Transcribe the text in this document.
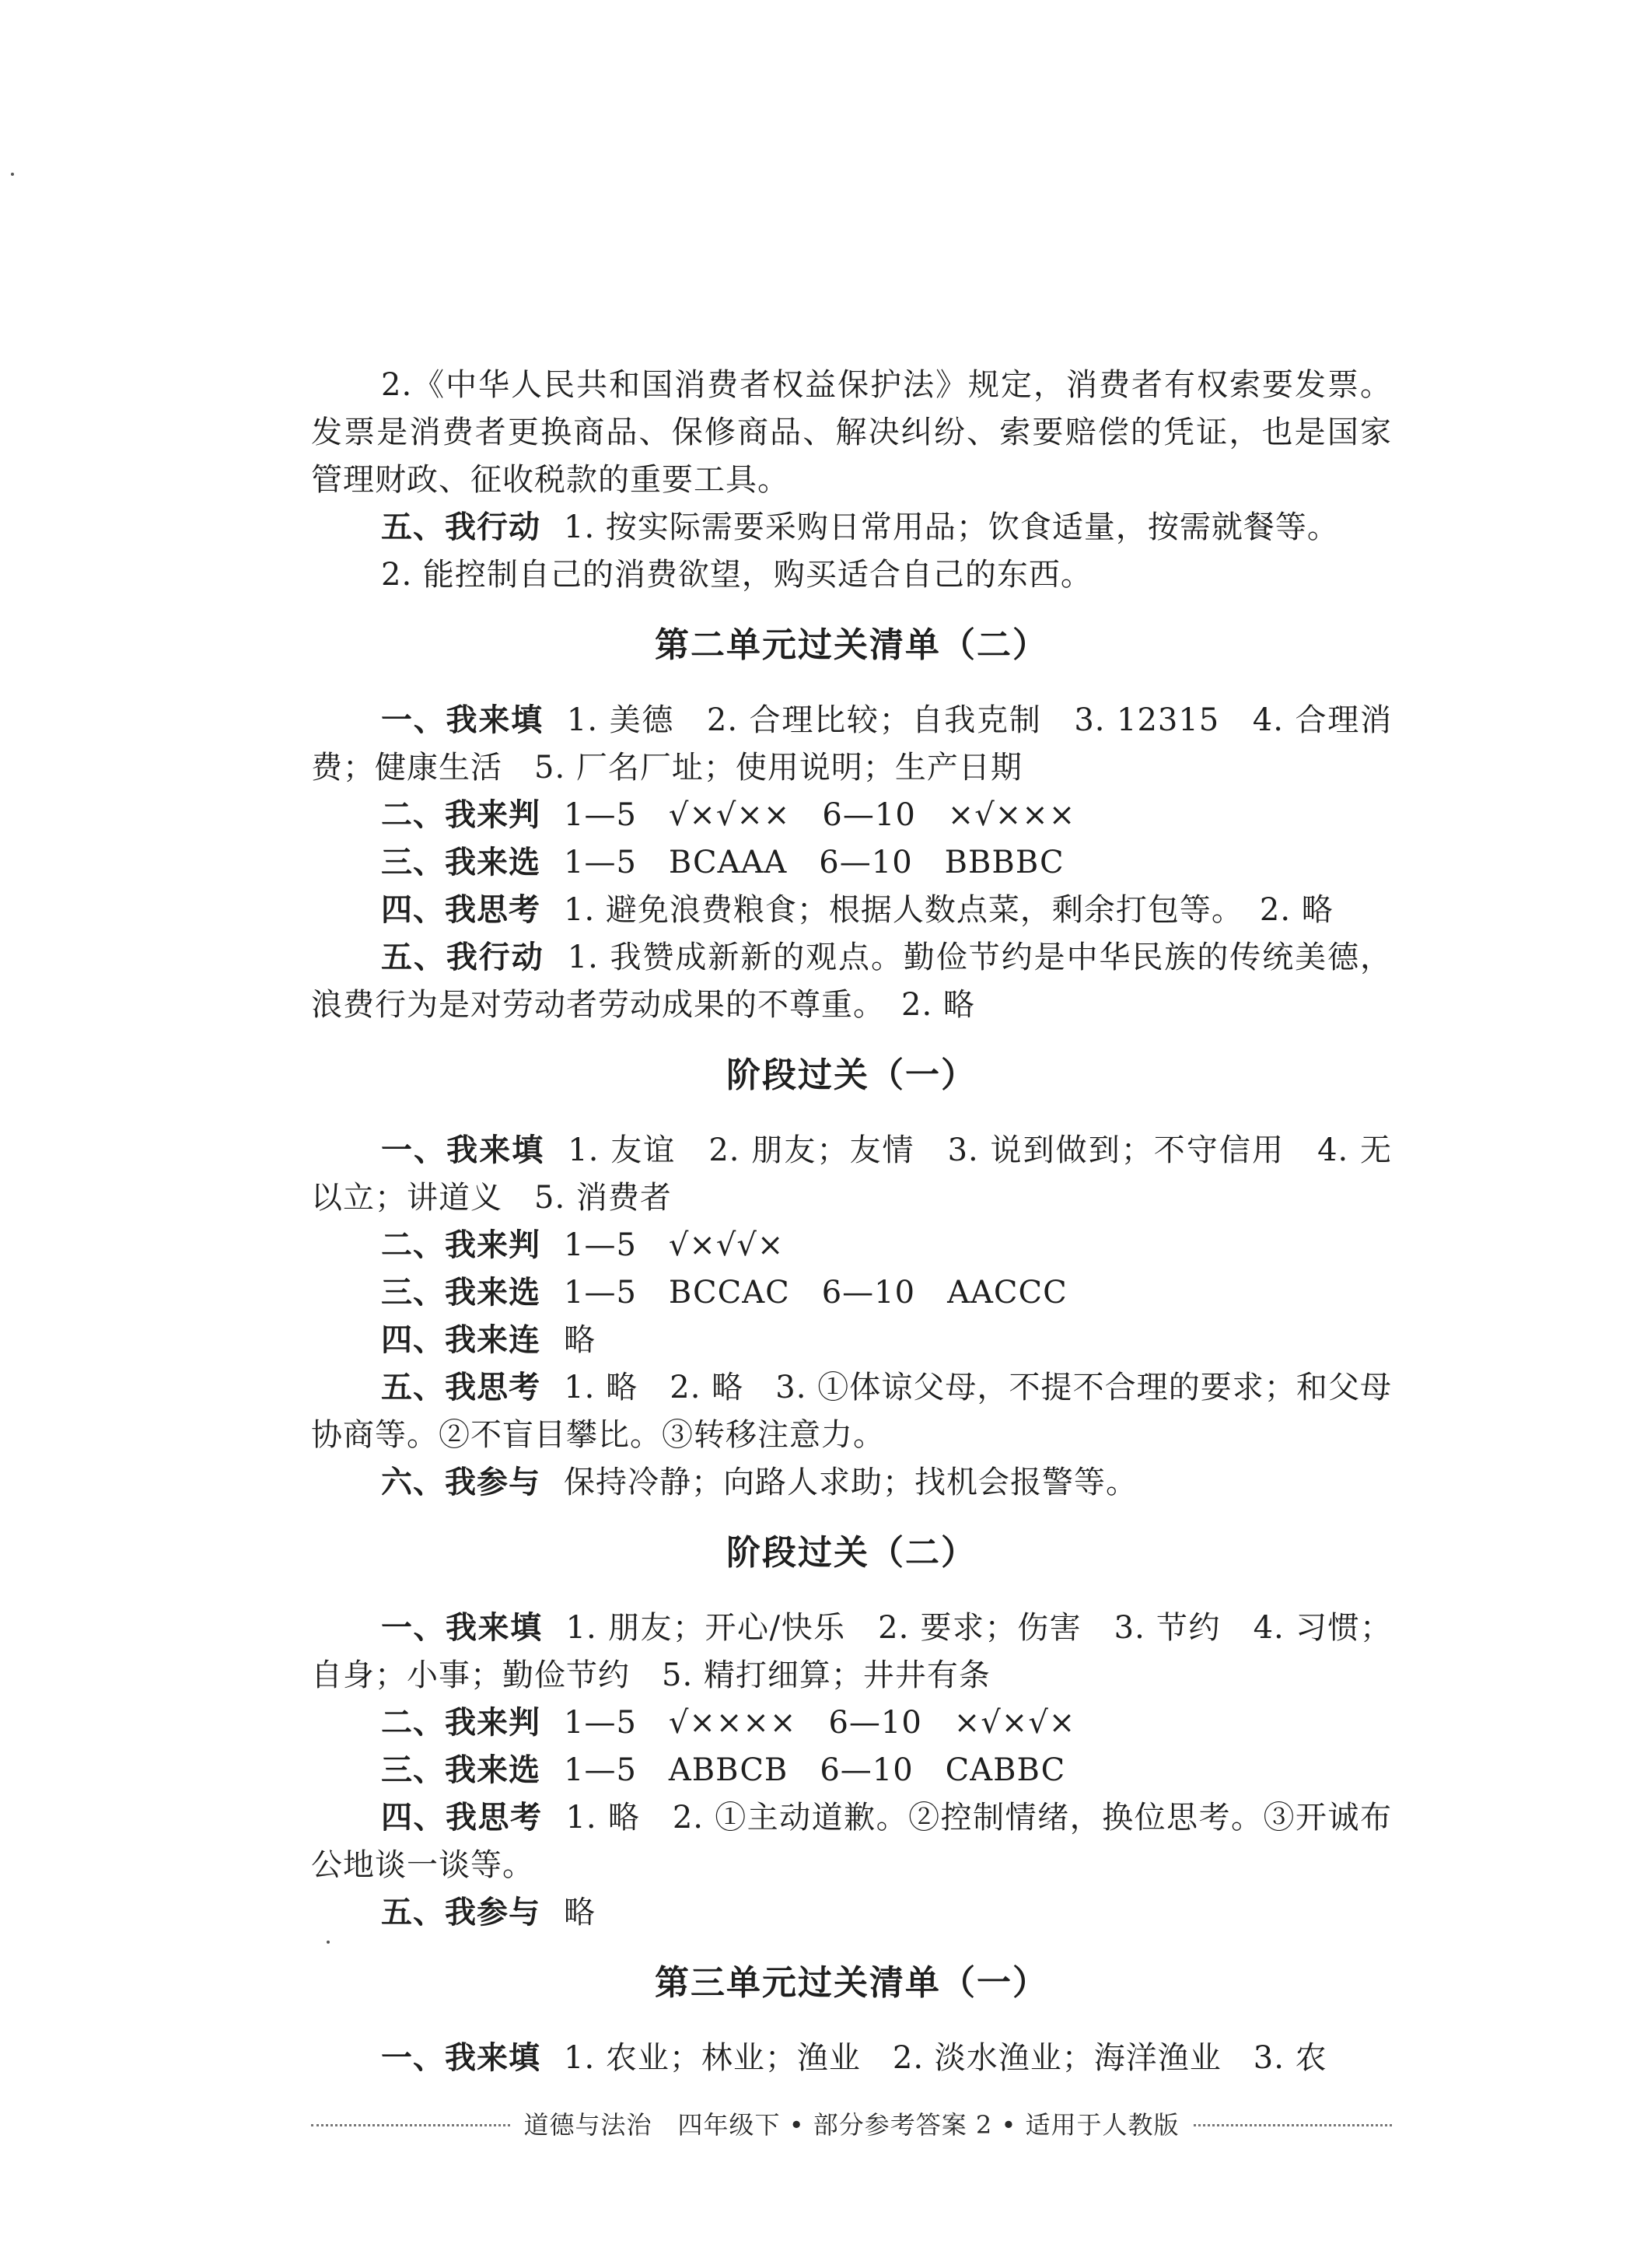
2.《中华人民共和国消费者权益保护法》规定，消费者有权索要发票。发票是消费者更换商品、保修商品、解决纠纷、索要赔偿的凭证，也是国家管理财政、征收税款的重要工具。

五、我行动 1. 按实际需要采购日常用品；饮食适量，按需就餐等。

2. 能控制自己的消费欲望，购买适合自己的东西。

第二单元过关清单（二）

一、我来填 1. 美德　2. 合理比较；自我克制　3. 12315　4. 合理消费；健康生活　5. 厂名厂址；使用说明；生产日期

二、我来判 1—5　√×√××　6—10　×√×××

三、我来选 1—5　BCAAA　6—10　BBBBC

四、我思考 1. 避免浪费粮食；根据人数点菜，剩余打包等。　2. 略

五、我行动 1. 我赞成新新的观点。勤俭节约是中华民族的传统美德，浪费行为是对劳动者劳动成果的不尊重。　2. 略

阶段过关（一）

一、我来填 1. 友谊　2. 朋友；友情　3. 说到做到；不守信用　4. 无以立；讲道义　5. 消费者

二、我来判 1—5　√×√√×

三、我来选 1—5　BCCAC　6—10　AACCC

四、我来连 略

五、我思考 1. 略　2. 略　3. ①体谅父母，不提不合理的要求；和父母协商等。②不盲目攀比。③转移注意力。

六、我参与 保持冷静；向路人求助；找机会报警等。

阶段过关（二）

一、我来填 1. 朋友；开心/快乐　2. 要求；伤害　3. 节约　4. 习惯；自身；小事；勤俭节约　5. 精打细算；井井有条

二、我来判 1—5　√××××　6—10　×√×√×

三、我来选 1—5　ABBCB　6—10　CABBC

四、我思考 1. 略　2. ①主动道歉。②控制情绪，换位思考。③开诚布公地谈一谈等。

五、我参与 略

第三单元过关清单（一）

一、我来填 1. 农业；林业；渔业　2. 淡水渔业；海洋渔业　3. 农

道德与法治　四年级下 • 部分参考答案 2 • 适用于人教版
